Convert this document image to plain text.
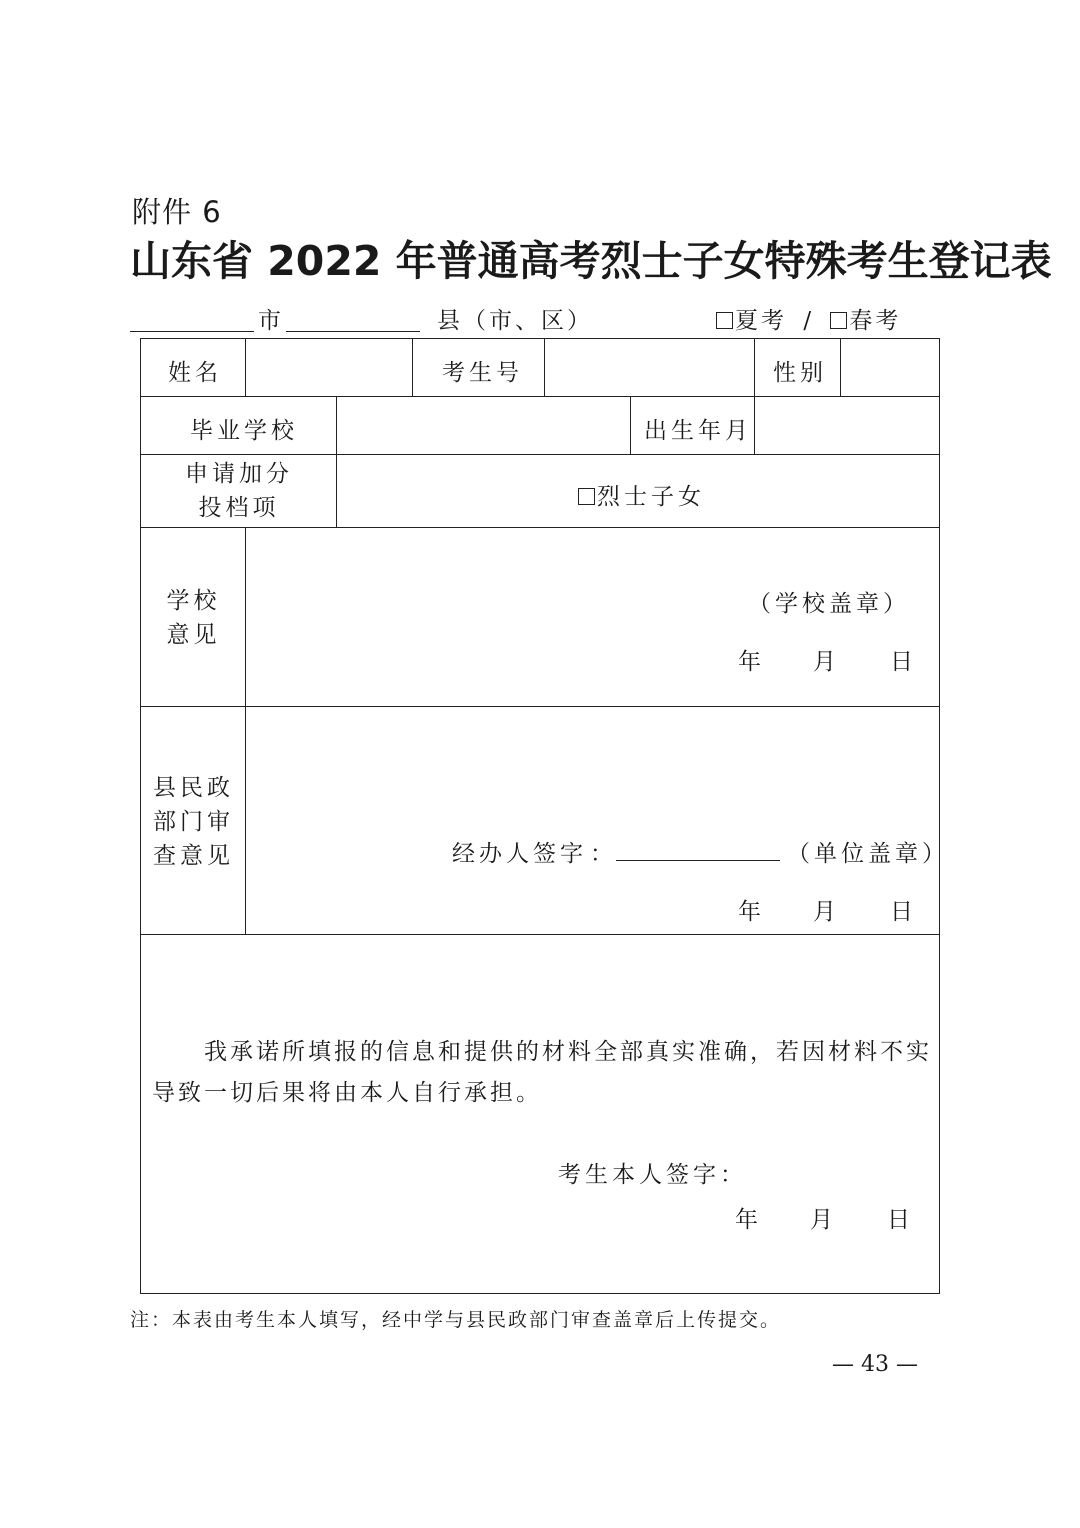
附件 6
山东省 2022 年普通高考烈士子女特殊考生登记表
市	县（市、区）	夏考 / 春考
姓名	考生号	性别
毕业学校	出生年月
申请加分
投档项	烈士子女
学校
意见
（学校盖章）
年 月 日
县民政
部门审
查意见	经办人签字 ：	（单位盖章）
年 月 日
我承诺所填报的信息和提供的材料全部真实准确，若因材料不实导致一切后果将由本人自行承担。
考生本人签字：
年 月 日
注：本表由考生本人填写，经中学与县民政部门审查盖章后上传提交。
— 43 —
